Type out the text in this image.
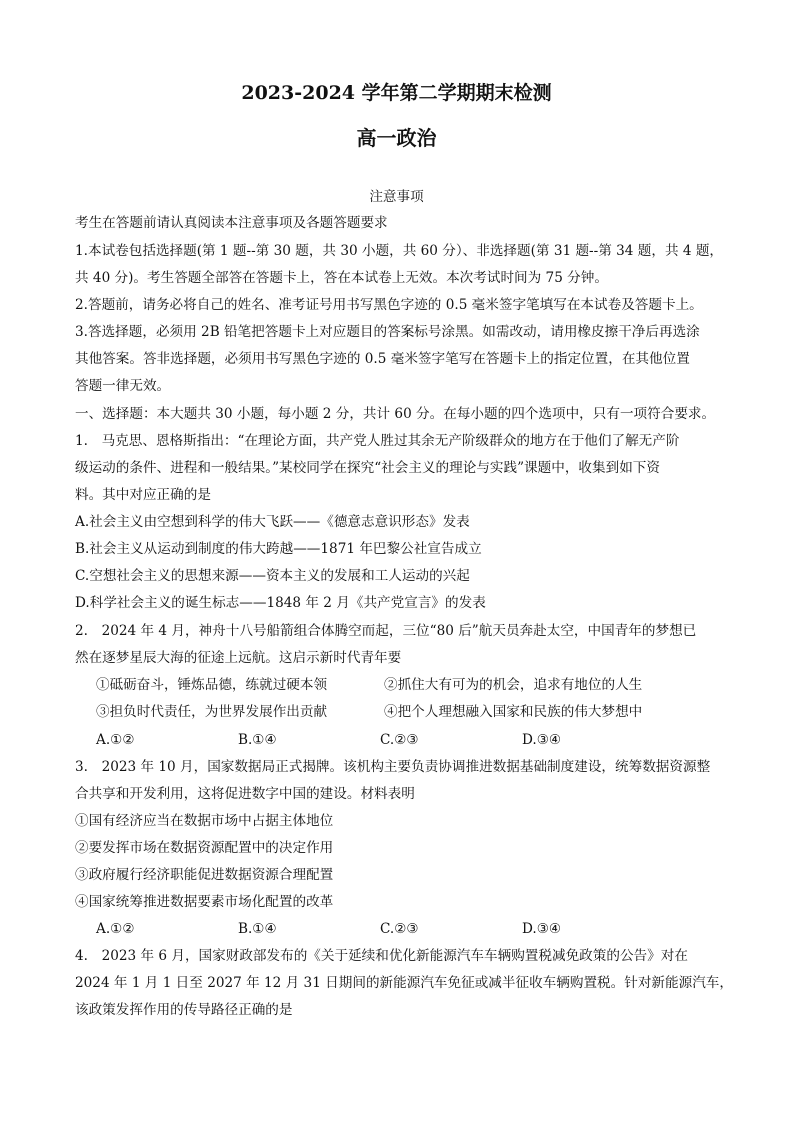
2023-2024 学年第二学期期末检测
高一政治
注意事项
考生在答题前请认真阅读本注意事项及各题答题要求
1.本试卷包括选择题(第 1 题--第 30 题，共 30 小题，共 60 分）、非选择题(第 31 题--第 34 题，共 4 题，
共 40 分)。考生答题全部答在答题卡上，答在本试卷上无效。本次考试时间为 75 分钟。
2.答题前，请务必将自己的姓名、准考证号用书写黑色字迹的 0.5 毫米签字笔填写在本试卷及答题卡上。
3.答选择题，必须用 2B 铅笔把答题卡上对应题目的答案标号涂黑。如需改动，请用橡皮擦干净后再选涂
其他答案。答非选择题，必须用书写黑色字迹的 0.5 毫米签字笔写在答题卡上的指定位置，在其他位置
答题一律无效。
一、选择题：本大题共 30 小题，每小题 2 分，共计 60 分。在每小题的四个选项中，只有一项符合要求。
1.　马克思、恩格斯指出：“在理论方面，共产党人胜过其余无产阶级群众的地方在于他们了解无产阶
级运动的条件、进程和一般结果。”某校同学在探究“社会主义的理论与实践”课题中，收集到如下资
料。其中对应正确的是
A.社会主义由空想到科学的伟大飞跃——《德意志意识形态》发表
B.社会主义从运动到制度的伟大跨越——1871 年巴黎公社宣告成立
C.空想社会主义的思想来源——资本主义的发展和工人运动的兴起
D.科学社会主义的诞生标志——1848 年 2 月《共产党宣言》的发表
2.　2024 年 4 月，神舟十八号船箭组合体腾空而起，三位“80 后”航天员奔赴太空，中国青年的梦想已
然在逐梦星辰大海的征途上远航。这启示新时代青年要
①砥砺奋斗，锤炼品德，练就过硬本领	②抓住大有可为的机会，追求有地位的人生
③担负时代责任，为世界发展作出贡献	④把个人理想融入国家和民族的伟大梦想中
A.①②	B.①④	C.②③	D.③④
3.　2023 年 10 月，国家数据局正式揭牌。该机构主要负责协调推进数据基础制度建设，统筹数据资源整
合共享和开发利用，这将促进数字中国的建设。材料表明
①国有经济应当在数据市场中占据主体地位
②要发挥市场在数据资源配置中的决定作用
③政府履行经济职能促进数据资源合理配置
④国家统筹推进数据要素市场化配置的改革
A.①②	B.①④	C.②③	D.③④
4.　2023 年 6 月，国家财政部发布的《关于延续和优化新能源汽车车辆购置税减免政策的公告》对在
2024 年 1 月 1 日至 2027 年 12 月 31 日期间的新能源汽车免征或减半征收车辆购置税。针对新能源汽车，
该政策发挥作用的传导路径正确的是
